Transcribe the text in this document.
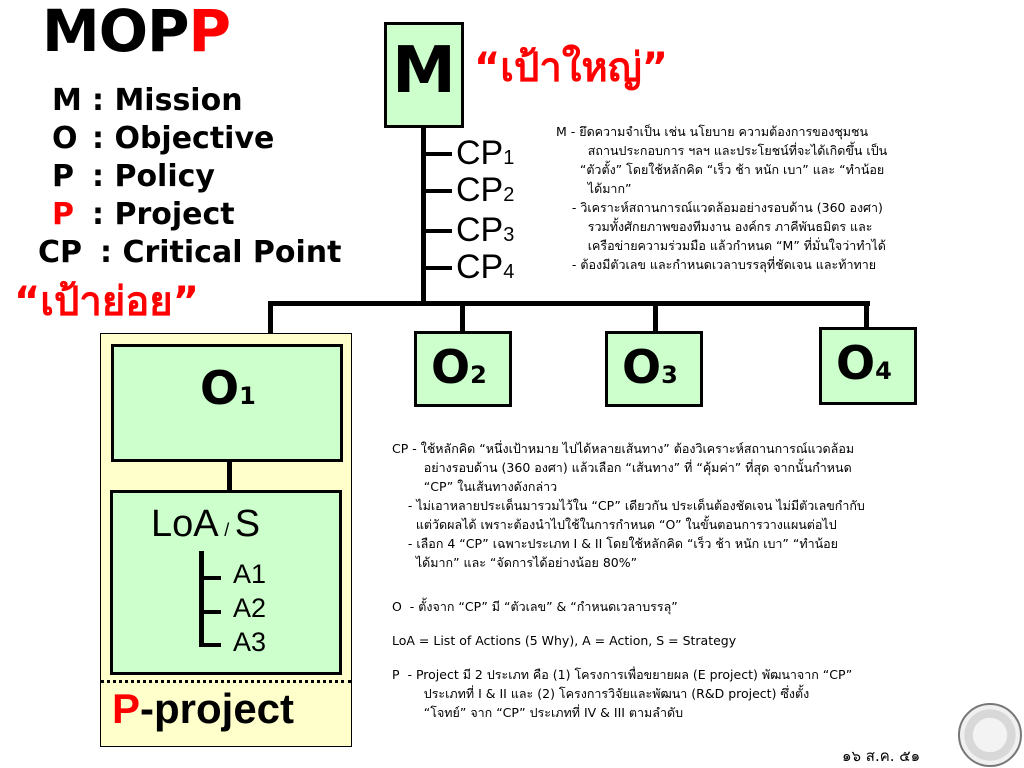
MOPP
M : Mission
O : Objective
P : Policy
P : Project
CP : Critical Point
“เป้าใหญ่”
“เป้าย่อย”
M
CP1
CP2
CP3
CP4
O1
LoA / S
A1
A2
A3
P-project
O2	O3	O4
M - ยึดความจำเป็น เช่น นโยบาย ความต้องการของชุมชน
สถานประกอบการ ฯลฯ และประโยชน์ที่จะได้เกิดขึ้น เป็น
“ตัวตั้ง” โดยใช้หลักคิด “เร็ว ช้า หนัก เบา” และ “ทำน้อย
ได้มาก”
- วิเคราะห์สถานการณ์แวดล้อมอย่างรอบด้าน (360 องศา)
รวมทั้งศักยภาพของทีมงาน องค์กร ภาคีพันธมิตร และ
เครือข่ายความร่วมมือ แล้วกำหนด “M” ที่มั่นใจว่าทำได้
- ต้องมีตัวเลข และกำหนดเวลาบรรลุที่ชัดเจน และท้าทาย
CP - ใช้หลักคิด “หนึ่งเป้าหมาย ไปได้หลายเส้นทาง” ต้องวิเคราะห์สถานการณ์แวดล้อม
อย่างรอบด้าน (360 องศา) แล้วเลือก “เส้นทาง” ที่ “คุ้มค่า” ที่สุด จากนั้นกำหนด
“CP” ในเส้นทางดังกล่าว
- ไม่เอาหลายประเด็นมารวมไว้ใน “CP” เดียวกัน ประเด็นต้องชัดเจน ไม่มีตัวเลขกำกับ
แต่วัดผลได้ เพราะต้องนำไปใช้ในการกำหนด “O” ในขั้นตอนการวางแผนต่อไป
- เลือก 4 “CP” เฉพาะประเภท I & II โดยใช้หลักคิด “เร็ว ช้า หนัก เบา” “ทำน้อย
ได้มาก” และ “จัดการได้อย่างน้อย 80%”
O  - ตั้งจาก “CP” มี “ตัวเลข” & “กำหนดเวลาบรรลุ”
LoA = List of Actions (5 Why), A = Action, S = Strategy
P  - Project มี 2 ประเภท คือ (1) โครงการเพื่อขยายผล (E project) พัฒนาจาก “CP”
ประเภทที่ I & II และ (2) โครงการวิจัยและพัฒนา (R&D project) ซึ่งตั้ง
“โจทย์” จาก “CP” ประเภทที่ IV & III ตามลำดับ
๑๖ ส.ค. ๕๑
